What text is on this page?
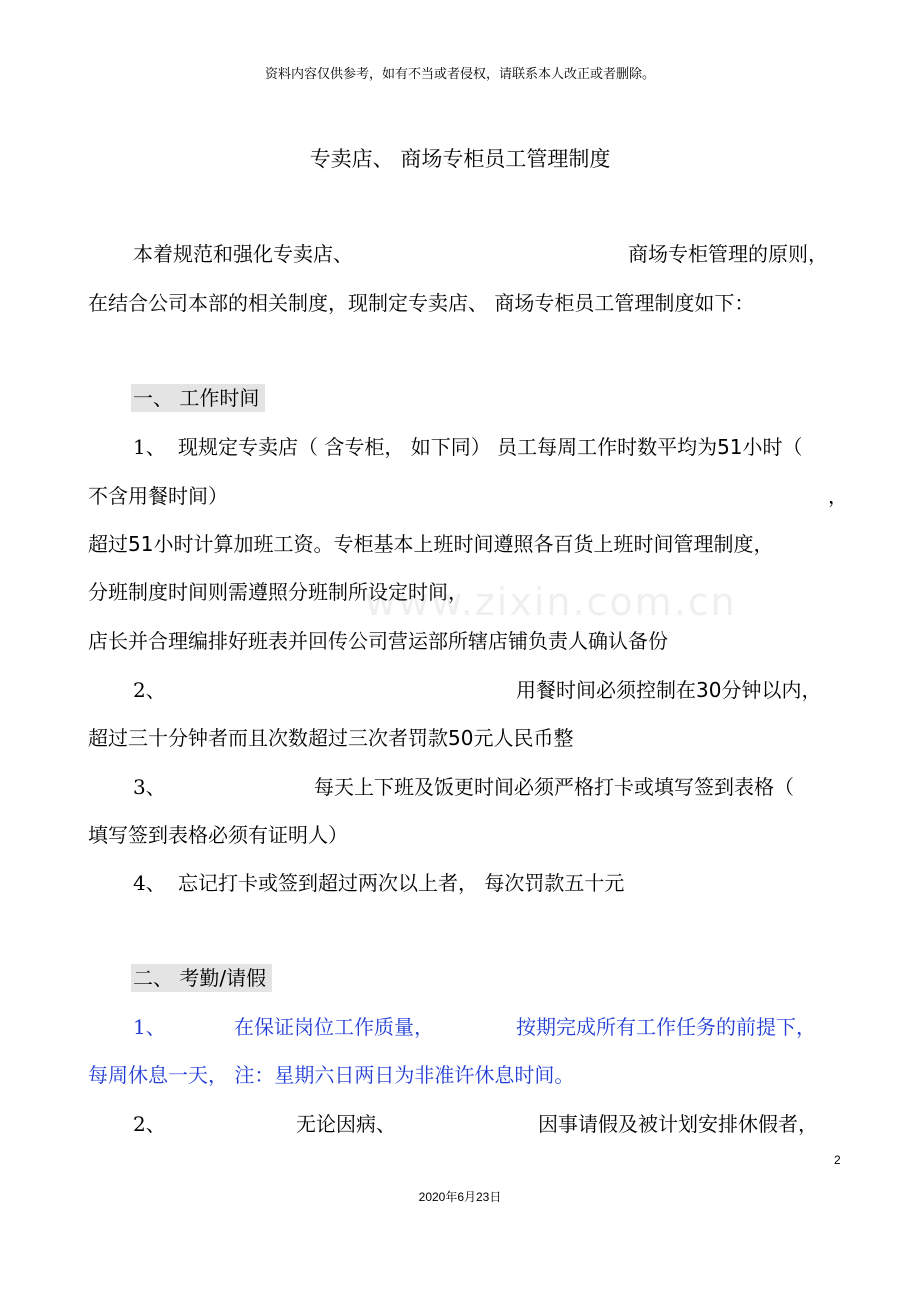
资料内容仅供参考，如有不当或者侵权，请联系本人改正或者删除。
专卖店、 商场专柜员工管理制度
本着规范和强化专卖店、	商场专柜管理的原则，
在结合公司本部的相关制度，现制定专卖店、 商场专柜员工管理制度如下：
一、 工作时间
1、 现规定专卖店（ 含专柜， 如下同） 员工每周工作时数平均为51小时（
不含用餐时间）	，
超过51小时计算加班工资。专柜基本上班时间遵照各百货上班时间管理制度，
分班制度时间则需遵照分班制所设定时间，
店长并合理编排好班表并回传公司营运部所辖店铺负责人确认备份
2、	用餐时间必须控制在30分钟以内，
超过三十分钟者而且次数超过三次者罚款50元人民币整
3、	每天上下班及饭更时间必须严格打卡或填写签到表格（
填写签到表格必须有证明人）
4、 忘记打卡或签到超过两次以上者， 每次罚款五十元
二、 考勤/请假
1、	在保证岗位工作质量，	按期完成所有工作任务的前提下，
每周休息一天， 注：星期六日两日为非准许休息时间。
2、	无论因病、	因事请假及被计划安排休假者，
www.zixin.com.cn
2
2020年6月23日
